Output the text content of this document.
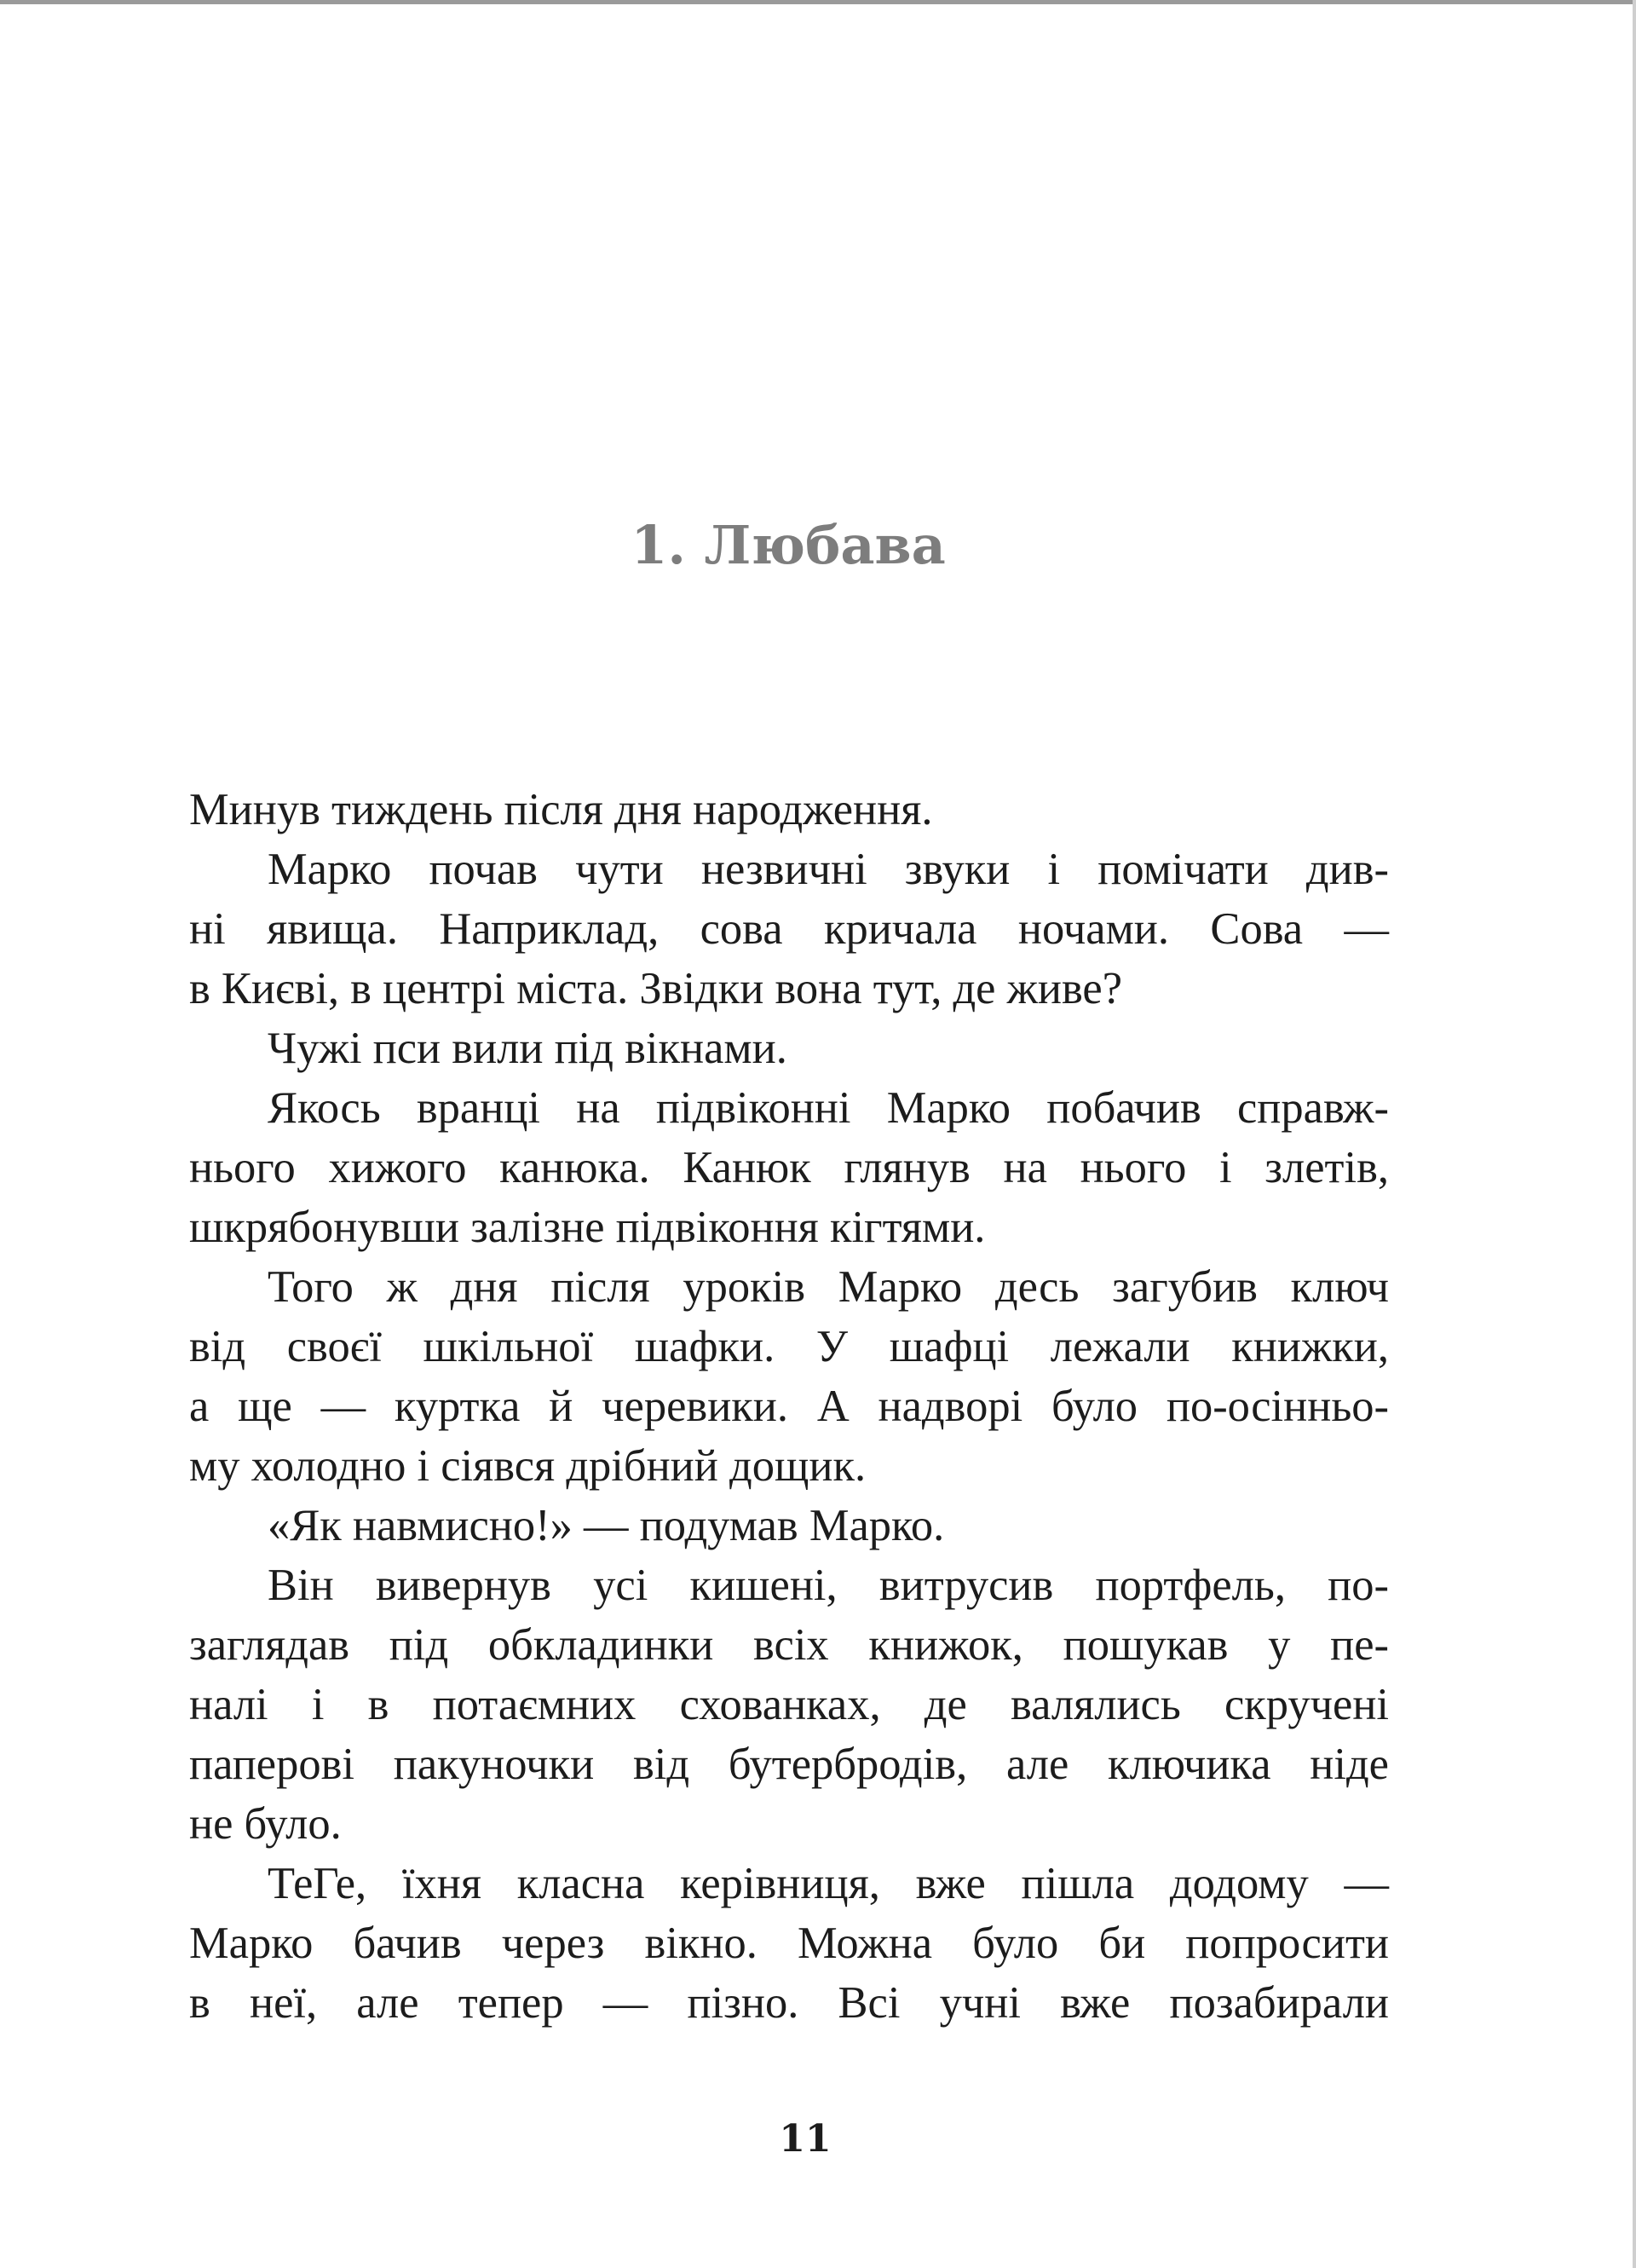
1. Любава
Минув тиждень після дня народження.
Марко почав чути незвичні звуки і помічати див-
ні явища. Наприклад, сова кричала ночами. Сова —
в Києві, в центрі міста. Звідки вона тут, де живе?
Чужі пси вили під вікнами.
Якось вранці на підвіконні Марко побачив справж-
нього хижого канюка. Канюк глянув на нього і злетів,
шкрябонувши залізне підвіконня кігтями.
Того ж дня після уроків Марко десь загубив ключ
від своєї шкільної шафки. У шафці лежали книжки,
а ще — куртка й черевики. А надворі було по-осінньо-
му холодно і сіявся дрібний дощик.
«Як навмисно!» — подумав Марко.
Він вивернув усі кишені, витрусив портфель, по-
заглядав під обкладинки всіх книжок, пошукав у пе-
налі і в потаємних схованках, де валялись скручені
паперові пакуночки від бутербродів, але ключика ніде
не було.
ТеГе, їхня класна керівниця, вже пішла додому —
Марко бачив через вікно. Можна було би попросити
в неї, але тепер — пізно. Всі учні вже позабирали
11
